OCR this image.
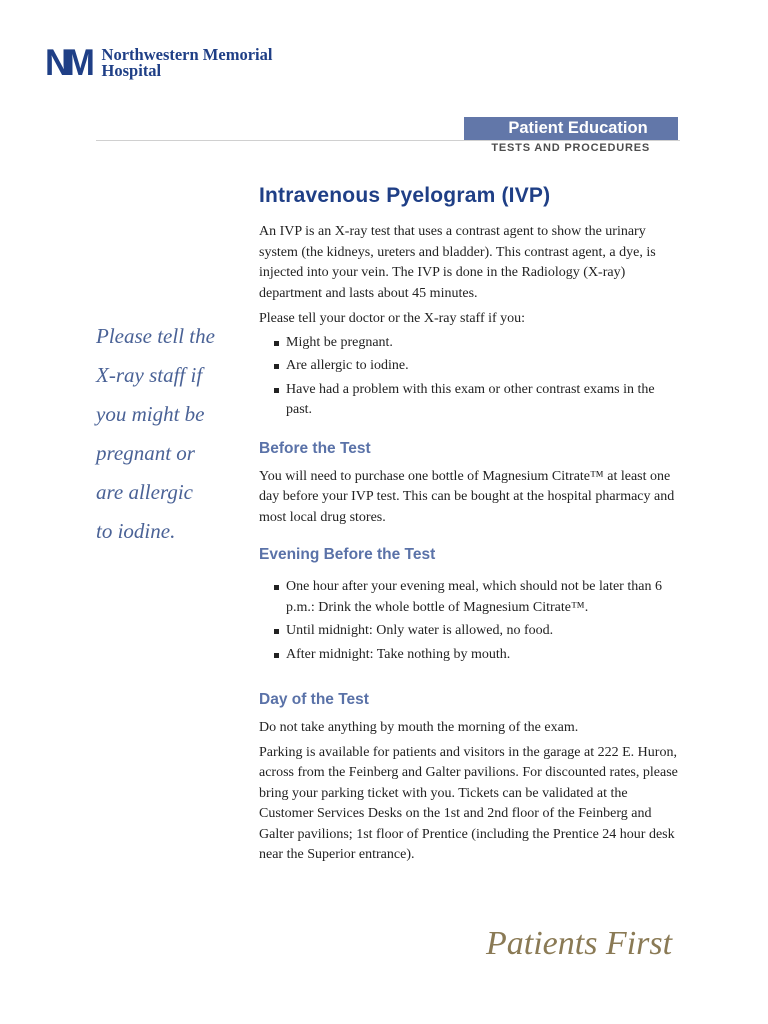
NM Northwestern Memorial
Hospital
Patient Education
TESTS AND PROCEDURES
Please tell the
X-ray staff if
you might be
pregnant or
are allergic
to iodine.
Intravenous Pyelogram (IVP)

An IVP is an X-ray test that uses a contrast agent to show the urinary system (the kidneys, ureters and bladder). This contrast agent, a dye, is injected into your vein. The IVP is done in the Radiology (X-ray) department and lasts about 45 minutes.

Please tell your doctor or the X-ray staff if you:

Might be pregnant.
Are allergic to iodine.
Have had a problem with this exam or other contrast exams in the past.
Before the Test

You will need to purchase one bottle of Magnesium Citrate™ at least one day before your IVP test. This can be bought at the hospital pharmacy and most local drug stores.

Evening Before the Test
One hour after your evening meal, which should not be later than 6 p.m.: Drink the whole bottle of Magnesium Citrate™.
Until midnight: Only water is allowed, no food.
After midnight: Take nothing by mouth.
Day of the Test

Do not take anything by mouth the morning of the exam.

Parking is available for patients and visitors in the garage at 222 E. Huron, across from the Feinberg and Galter pavilions. For discounted rates, please bring your parking ticket with you. Tickets can be validated at the Customer Services Desks on the 1st and 2nd floor of the Feinberg and Galter pavilions; 1st floor of Prentice (including the Prentice 24 hour desk near the Superior entrance).

Patients First
